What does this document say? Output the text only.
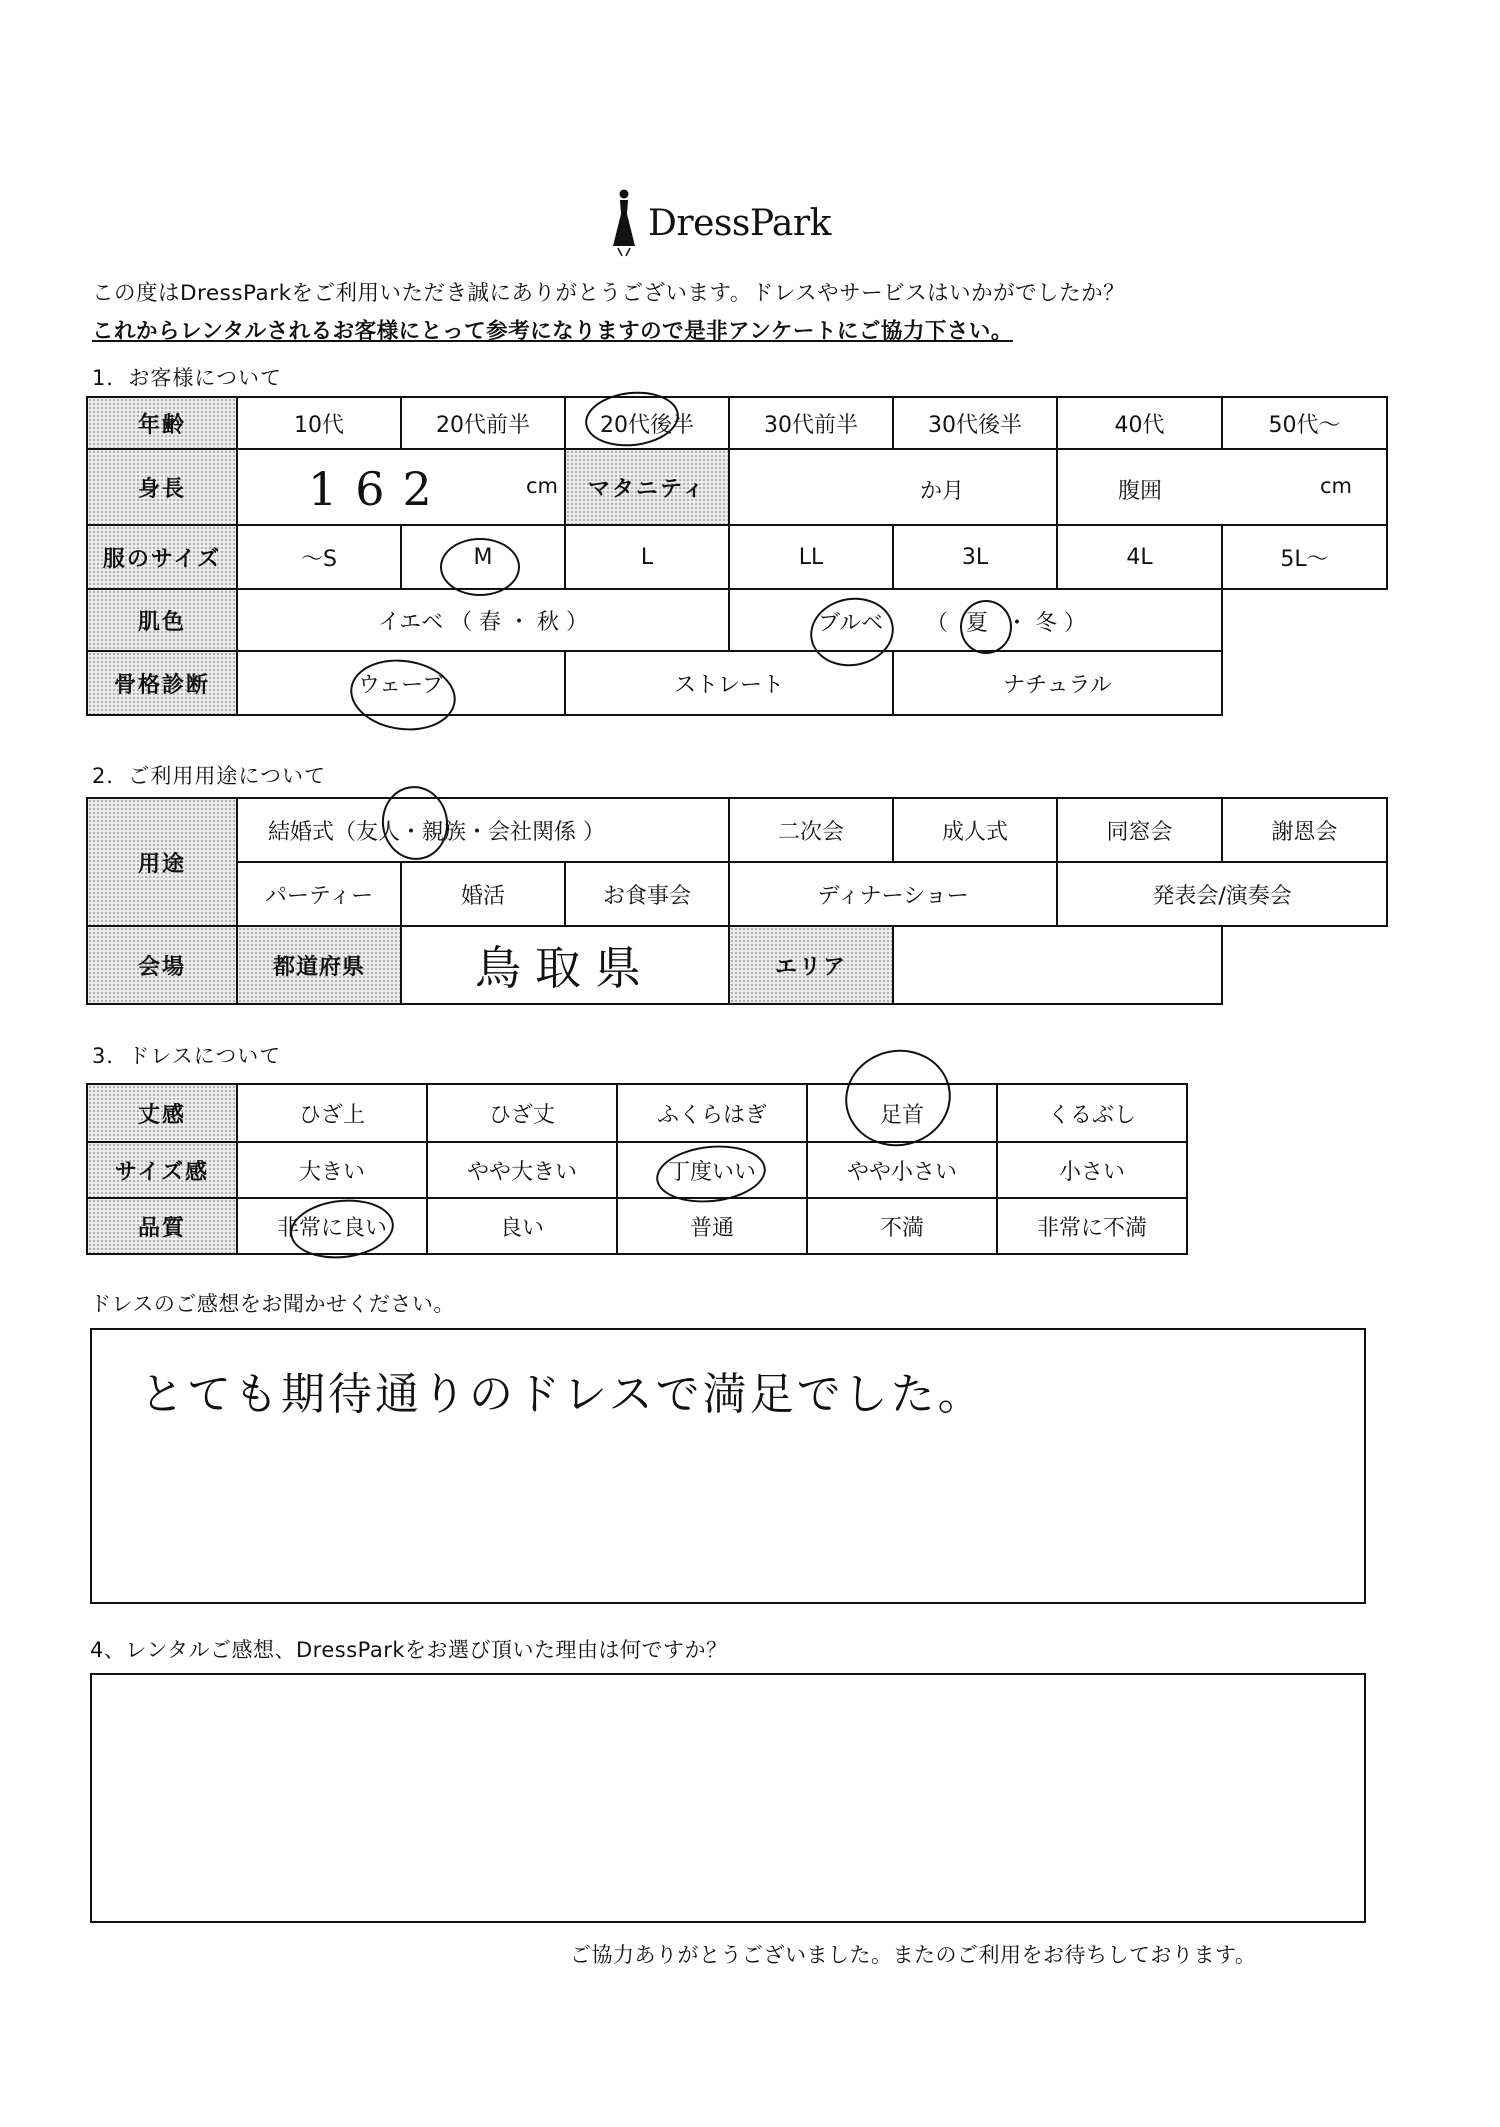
DressPark
この度はDressParkをご利用いただき誠にありがとうございます。ドレスやサービスはいかがでしたか？
これからレンタルされるお客様にとって参考になりますので是非アンケートにご協力下さい。
1．お客様について
年齢	10代	20代前半	20代後半	30代前半	30代後半	40代	50代～
身長	162 cm		マタニティ	か月		腹囲 cm	

服のサイズ	～S	M	L	LL	3L	4L	5L～
肌色	イエベ （ 春 ・ 秋 ）			ブルベ （ 夏 ・ 冬 ）			

骨格診断	ウェーブ		ストレート		ナチュラル		
2．ご利用用途について
用途	結婚式（友人・親族・会社関係 ）			二次会	成人式	同窓会	謝恩会
	パーティー	婚活	お食事会	ディナーショー		発表会/演奏会	
会場	都道府県	鳥取県		エリア			
3．ドレスについて
丈感	ひざ上	ひざ丈	ふくらはぎ	足首	くるぶし
サイズ感	大きい	やや大きい	丁度いい	やや小さい	小さい
品質	非常に良い	良い	普通	不満	非常に不満
ドレスのご感想をお聞かせください。
とても期待通りのドレスで満足でした。
4、レンタルご感想、DressParkをお選び頂いた理由は何ですか？
ご協力ありがとうございました。またのご利用をお待ちしております。
